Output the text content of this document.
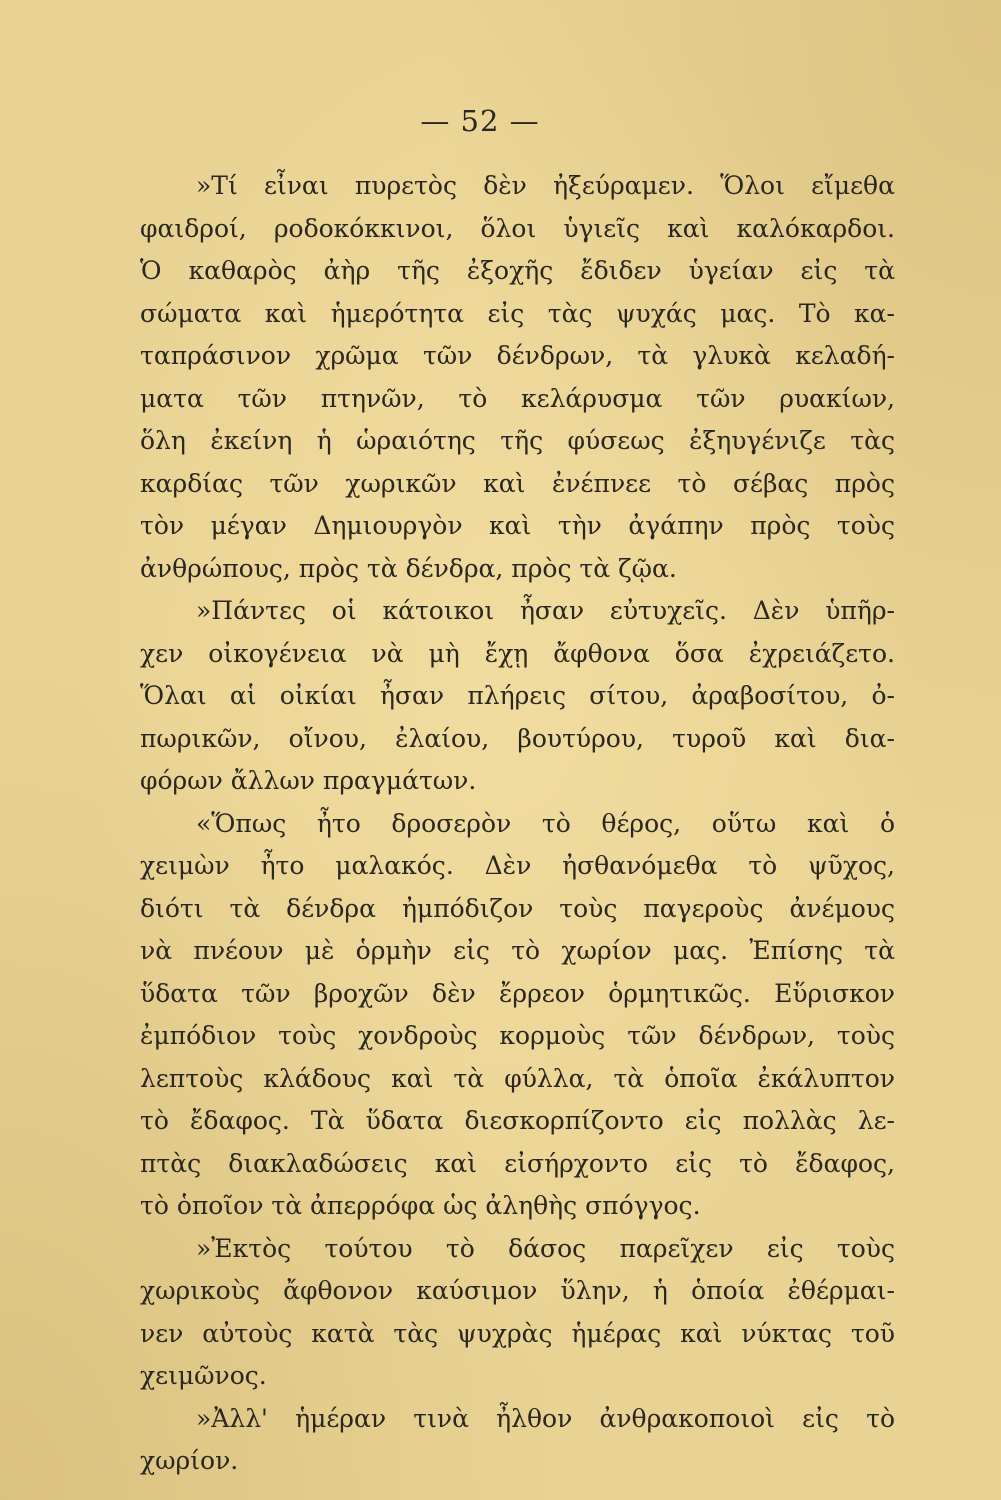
— 52 —
»Τί εἶναι πυρετὸς δὲν ἠξεύραμεν. Ὅλοι εἴμεθα
φαιδροί, ροδοκόκκινοι, ὅλοι ὑγιεῖς καὶ καλόκαρδοι.
Ὁ καθαρὸς ἀὴρ τῆς ἐξοχῆς ἔδιδεν ὑγείαν εἰς τὰ
σώματα καὶ ἡμερότητα εἰς τὰς ψυχάς μας. Τὸ κα-
ταπράσινον χρῶμα τῶν δένδρων, τὰ γλυκὰ κελαδή-
ματα τῶν πτηνῶν, τὸ κελάρυσμα τῶν ρυακίων,
ὅλη ἐκείνη ἡ ὡραιότης τῆς φύσεως ἐξηυγένιζε τὰς
καρδίας τῶν χωρικῶν καὶ ἐνέπνεε τὸ σέβας πρὸς
τὸν μέγαν Δημιουργὸν καὶ τὴν ἀγάπην πρὸς τοὺς
ἀνθρώπους, πρὸς τὰ δένδρα, πρὸς τὰ ζῷα.
»Πάντες οἱ κάτοικοι ἦσαν εὐτυχεῖς. Δὲν ὑπῆρ-
χεν οἰκογένεια νὰ μὴ ἔχῃ ἄφθονα ὅσα ἐχρειάζετο.
Ὅλαι αἱ οἰκίαι ἦσαν πλήρεις σίτου, ἀραβοσίτου, ὀ-
πωρικῶν, οἴνου, ἐλαίου, βουτύρου, τυροῦ καὶ δια-
φόρων ἄλλων πραγμάτων.
«Ὅπως ἦτο δροσερὸν τὸ θέρος, οὕτω καὶ ὁ
χειμὼν ἦτο μαλακός. Δὲν ἠσθανόμεθα τὸ ψῦχος,
διότι τὰ δένδρα ἠμπόδιζον τοὺς παγεροὺς ἀνέμους
νὰ πνέουν μὲ ὁρμὴν εἰς τὸ χωρίον μας. Ἐπίσης τὰ
ὕδατα τῶν βροχῶν δὲν ἔρρεον ὁρμητικῶς. Εὕρισκον
ἐμπόδιον τοὺς χονδροὺς κορμοὺς τῶν δένδρων, τοὺς
λεπτοὺς κλάδους καὶ τὰ φύλλα, τὰ ὁποῖα ἐκάλυπτον
τὸ ἔδαφος. Τὰ ὕδατα διεσκορπίζοντο εἰς πολλὰς λε-
πτὰς διακλαδώσεις καὶ εἰσήρχοντο εἰς τὸ ἔδαφος,
τὸ ὁποῖον τὰ ἀπερρόφα ὡς ἀληθὴς σπόγγος.
»Ἐκτὸς τούτου τὸ δάσος παρεῖχεν εἰς τοὺς
χωρικοὺς ἄφθονον καύσιμον ὕλην, ἡ ὁποία ἐθέρμαι-
νεν αὐτοὺς κατὰ τὰς ψυχρὰς ἡμέρας καὶ νύκτας τοῦ
χειμῶνος.
»Ἀλλ' ἡμέραν τινὰ ἦλθον ἀνθρακοποιοὶ εἰς τὸ
χωρίον.
